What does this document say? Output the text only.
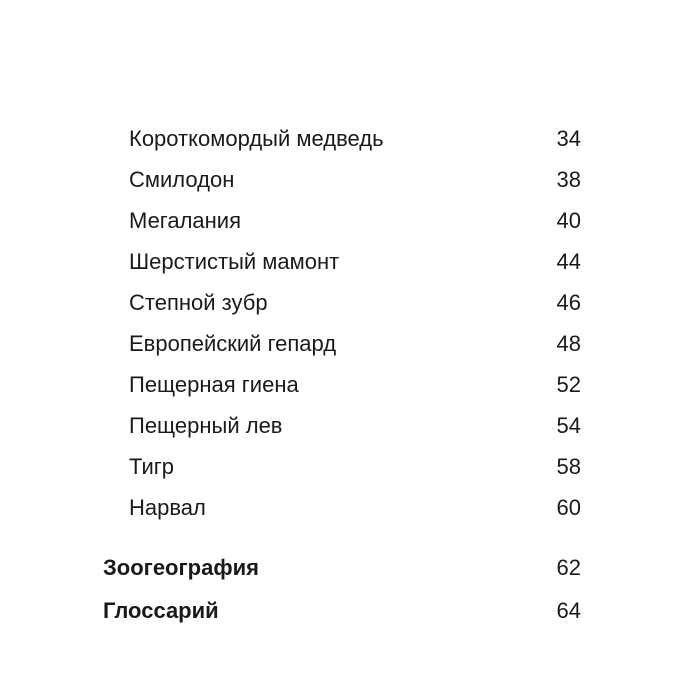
Короткомордый медведь	34
Смилодон	38
Мегалания	40
Шерстистый мамонт	44
Степной зубр	46
Европейский гепард	48
Пещерная гиена	52
Пещерный лев	54
Тигр	58
Нарвал	60
Зоогеография	62
Глоссарий	64
